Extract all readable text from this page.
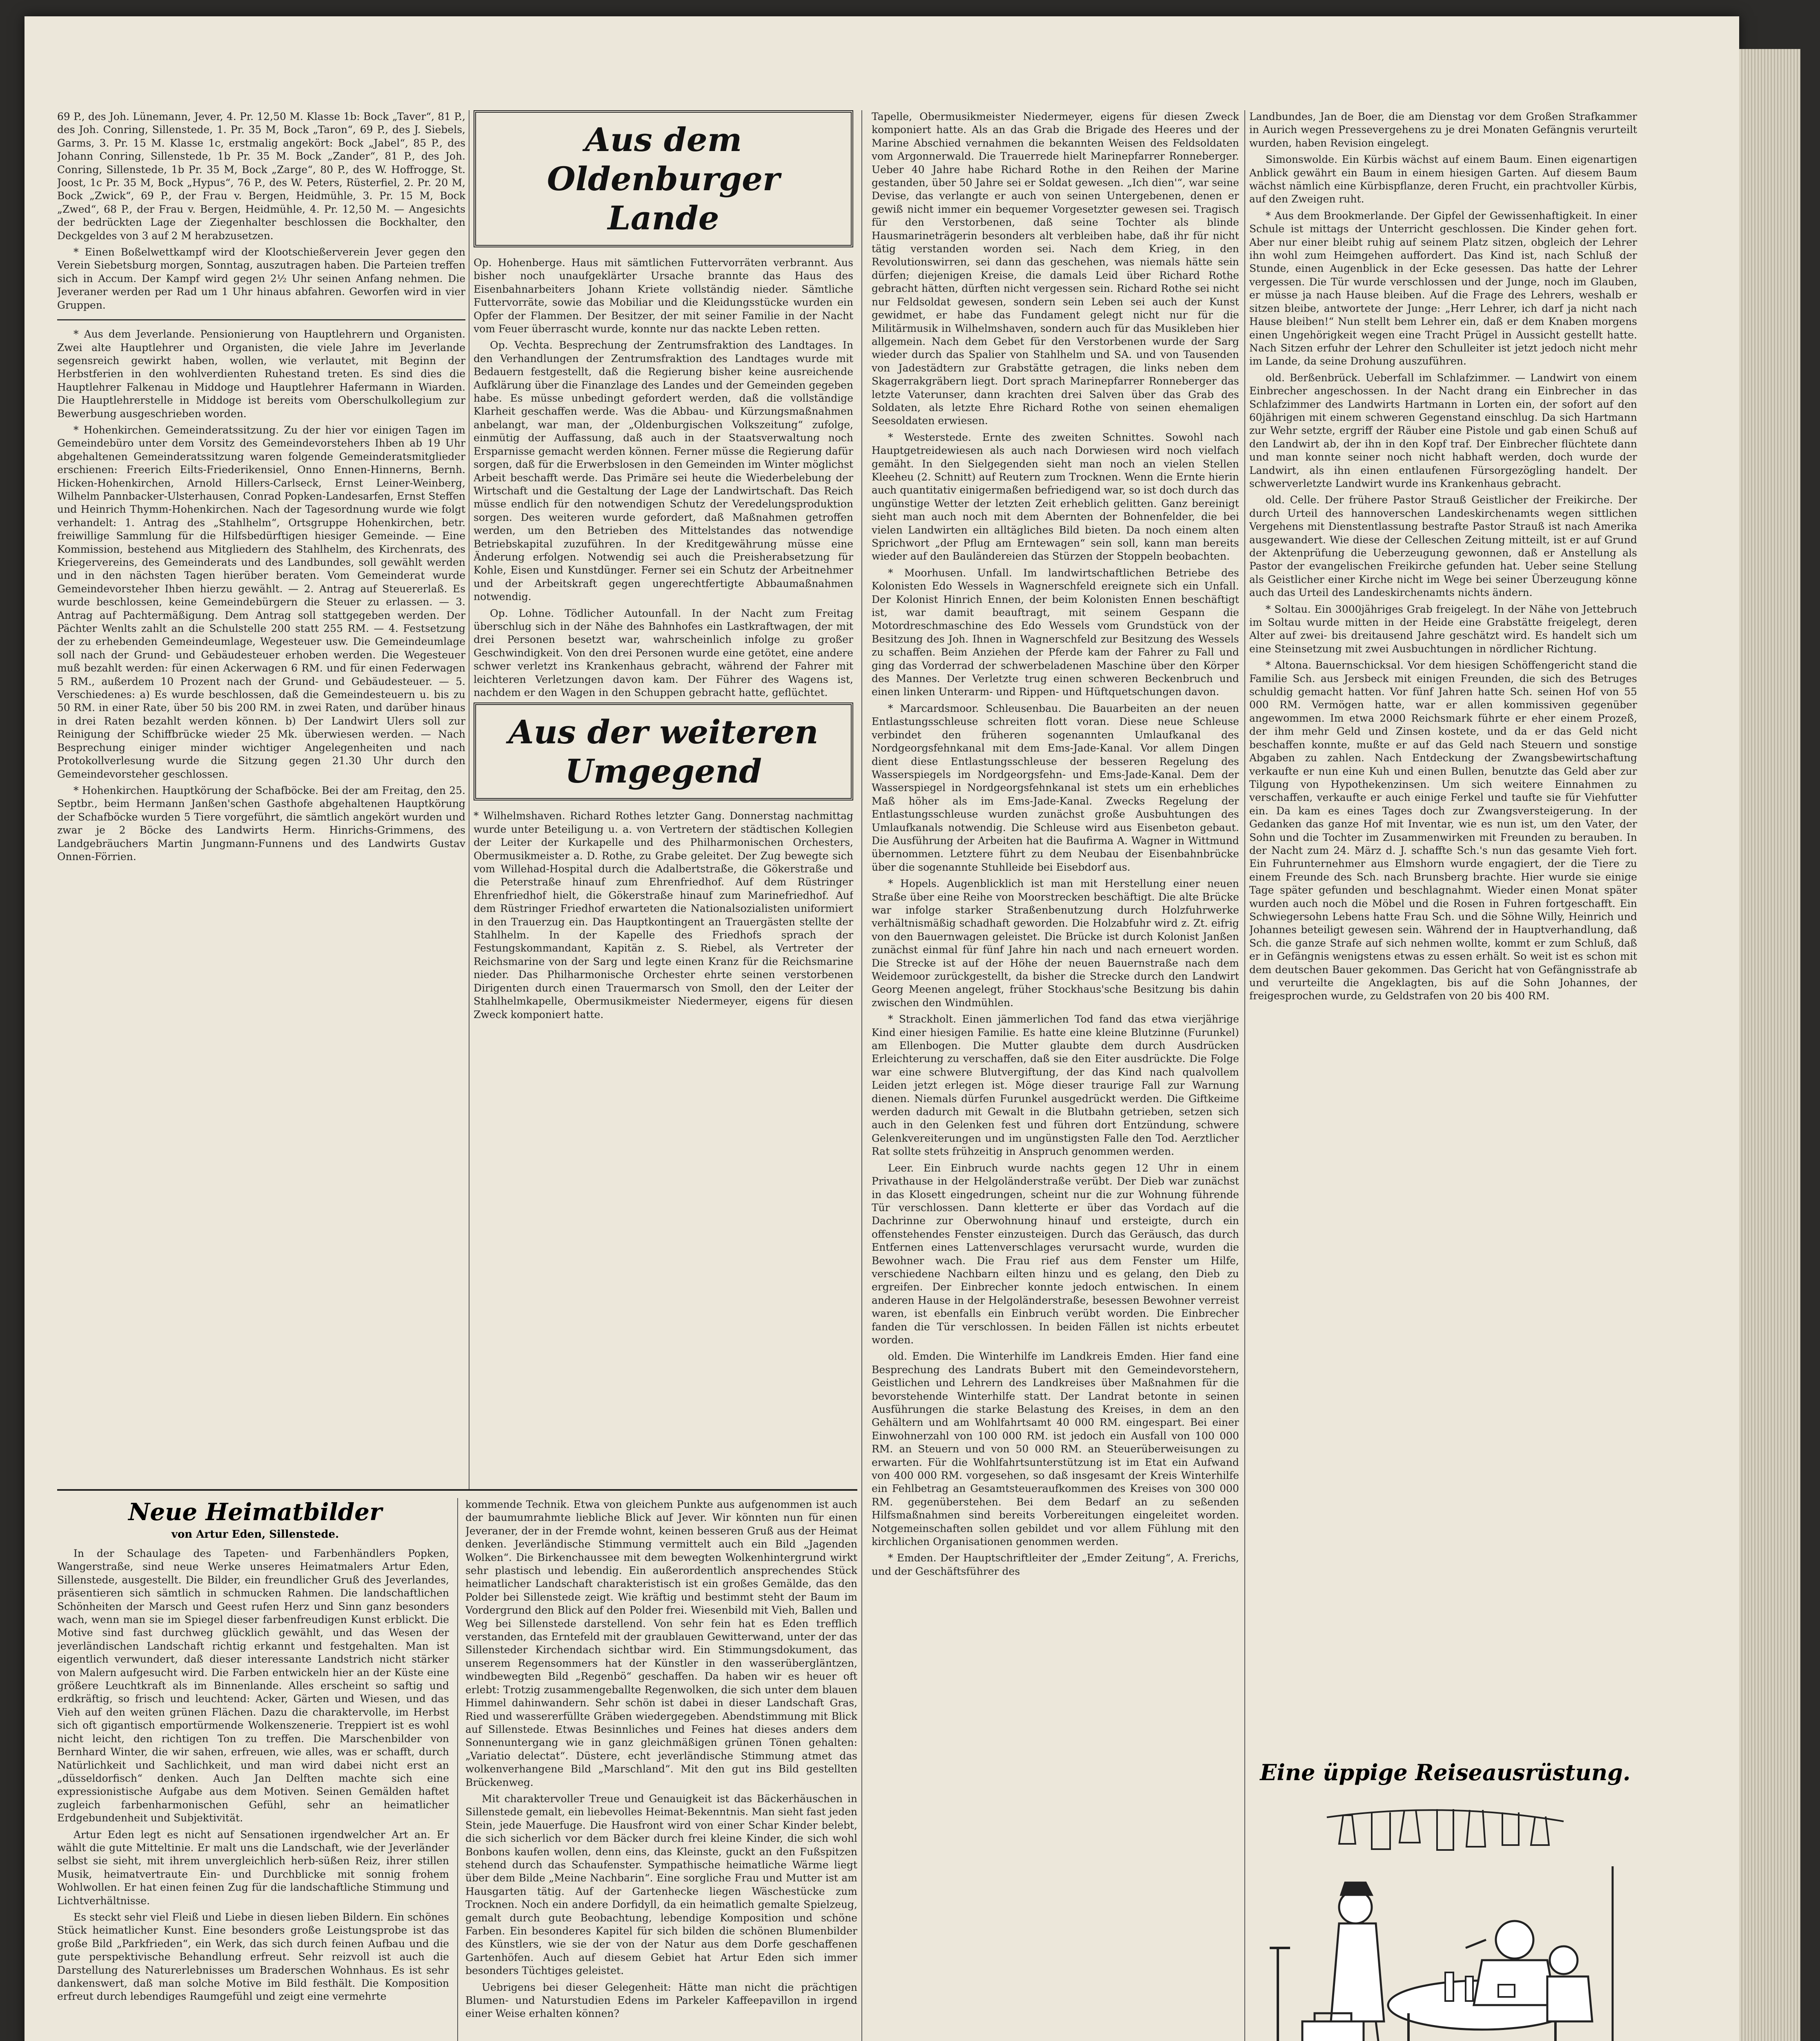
69 P., des Joh. Lünemann, Jever, 4. Pr. 12,50 M. Klasse 1b: Bock „Taver“, 81 P., des Joh. Conring, Sillenstede, 1. Pr. 35 M, Bock „Taron“, 69 P., des J. Siebels, Garms, 3. Pr. 15 M. Klasse 1c, erstmalig angekört: Bock „Jabel“, 85 P., des Johann Conring, Sillenstede, 1b Pr. 35 M. Bock „Zander“, 81 P., des Joh. Conring, Sillenstede, 1b Pr. 35 M, Bock „Zarge“, 80 P., des W. Hoffrogge, St. Joost, 1c Pr. 35 M, Bock „Hypus“, 76 P., des W. Peters, Rüsterfiel, 2. Pr. 20 M, Bock „Zwick“, 69 P., der Frau v. Bergen, Heidmühle, 3. Pr. 15 M, Bock „Zwed“, 68 P., der Frau v. Bergen, Heidmühle, 4. Pr. 12,50 M. — Angesichts der bedrückten Lage der Ziegenhalter beschlossen die Bockhalter, den Deckgeldes von 3 auf 2 M herabzusetzen.

* Einen Boßelwettkampf wird der Klootschießerverein Jever gegen den Verein Siebetsburg morgen, Sonntag, auszutragen haben. Die Parteien treffen sich in Accum. Der Kampf wird gegen 2½ Uhr seinen Anfang nehmen. Die Jeveraner werden per Rad um 1 Uhr hinaus abfahren. Geworfen wird in vier Gruppen.

* Aus dem Jeverlande. Pensionierung von Hauptlehrern und Organisten. Zwei alte Hauptlehrer und Organisten, die viele Jahre im Jeverlande segensreich gewirkt haben, wollen, wie verlautet, mit Beginn der Herbstferien in den wohlverdienten Ruhestand treten. Es sind dies die Hauptlehrer Falkenau in Middoge und Hauptlehrer Hafermann in Wiarden. Die Hauptlehrerstelle in Middoge ist bereits vom Oberschulkollegium zur Bewerbung ausgeschrieben worden.

* Hohenkirchen. Gemeinderatssitzung. Zu der hier vor einigen Tagen im Gemeindebüro unter dem Vorsitz des Gemeindevorstehers Ihben ab 19 Uhr abgehaltenen Gemeinderatssitzung waren folgende Gemeinderatsmitglieder erschienen: Freerich Eilts-Friederikensiel, Onno Ennen-Hinnerns, Bernh. Hicken-Hohenkirchen, Arnold Hillers-Carlseck, Ernst Leiner-Weinberg, Wilhelm Pannbacker-Ulsterhausen, Conrad Popken-Landesarfen, Ernst Steffen und Heinrich Thymm-Hohenkirchen. Nach der Tagesordnung wurde wie folgt verhandelt: 1. Antrag des „Stahlhelm“, Ortsgruppe Hohenkirchen, betr. freiwillige Sammlung für die Hilfsbedürftigen hiesiger Gemeinde. — Eine Kommission, bestehend aus Mitgliedern des Stahlhelm, des Kirchenrats, des Kriegervereins, des Gemeinderats und des Landbundes, soll gewählt werden und in den nächsten Tagen hierüber beraten. Vom Gemeinderat wurde Gemeindevorsteher Ihben hierzu gewählt. — 2. Antrag auf Steuererlaß. Es wurde beschlossen, keine Gemeindebürgern die Steuer zu erlassen. — 3. Antrag auf Pachtermäßigung. Dem Antrag soll stattgegeben werden. Der Pächter Wenlts zahlt an die Schulstelle 200 statt 255 RM. — 4. Festsetzung der zu erhebenden Gemeindeumlage, Wegesteuer usw. Die Gemeindeumlage soll nach der Grund- und Gebäudesteuer erhoben werden. Die Wegesteuer muß bezahlt werden: für einen Ackerwagen 6 RM. und für einen Federwagen 5 RM., außerdem 10 Prozent nach der Grund- und Gebäudesteuer. — 5. Verschiedenes: a) Es wurde beschlossen, daß die Gemeindesteuern u. bis zu 50 RM. in einer Rate, über 50 bis 200 RM. in zwei Raten, und darüber hinaus in drei Raten bezahlt werden können. b) Der Landwirt Ulers soll zur Reinigung der Schiffbrücke wieder 25 Mk. überwiesen werden. — Nach Besprechung einiger minder wichtiger Angelegenheiten und nach Protokollverlesung wurde die Sitzung gegen 21.30 Uhr durch den Gemeindevorsteher geschlossen.

* Hohenkirchen. Hauptkörung der Schafböcke. Bei der am Freitag, den 25. Septbr., beim Hermann Janßen'schen Gasthofe abgehaltenen Hauptkörung der Schafböcke wurden 5 Tiere vorgeführt, die sämtlich angekört wurden und zwar je 2 Böcke des Landwirts Herm. Hinrichs-Grimmens, des Landgebräuchers Martin Jungmann-Funnens und des Landwirts Gustav Onnen-Förrien.

Aus dem Oldenburger
Lande

Op. Hohenberge. Haus mit sämtlichen Futtervorräten verbrannt. Aus bisher noch unaufgeklärter Ursache brannte das Haus des Eisenbahnarbeiters Johann Kriete vollständig nieder. Sämtliche Futtervorräte, sowie das Mobiliar und die Kleidungsstücke wurden ein Opfer der Flammen. Der Besitzer, der mit seiner Familie in der Nacht vom Feuer überrascht wurde, konnte nur das nackte Leben retten.

Op. Vechta. Besprechung der Zentrumsfraktion des Landtages. In den Verhandlungen der Zentrumsfraktion des Landtages wurde mit Bedauern festgestellt, daß die Regierung bisher keine ausreichende Aufklärung über die Finanzlage des Landes und der Gemeinden gegeben habe. Es müsse unbedingt gefordert werden, daß die vollständige Klarheit geschaffen werde. Was die Abbau- und Kürzungsmaßnahmen anbelangt, war man, der „Oldenburgischen Volkszeitung“ zufolge, einmütig der Auffassung, daß auch in der Staatsverwaltung noch Ersparnisse gemacht werden können. Ferner müsse die Regierung dafür sorgen, daß für die Erwerbslosen in den Gemeinden im Winter möglichst Arbeit beschafft werde. Das Primäre sei heute die Wiederbelebung der Wirtschaft und die Gestaltung der Lage der Landwirtschaft. Das Reich müsse endlich für den notwendigen Schutz der Veredelungsproduktion sorgen. Des weiteren wurde gefordert, daß Maßnahmen getroffen werden, um den Betrieben des Mittelstandes das notwendige Betriebskapital zuzuführen. In der Kreditgewährung müsse eine Änderung erfolgen. Notwendig sei auch die Preisherabsetzung für Kohle, Eisen und Kunstdünger. Ferner sei ein Schutz der Arbeitnehmer und der Arbeitskraft gegen ungerechtfertigte Abbaumaßnahmen notwendig.

Op. Lohne. Tödlicher Autounfall. In der Nacht zum Freitag überschlug sich in der Nähe des Bahnhofes ein Lastkraftwagen, der mit drei Personen besetzt war, wahrscheinlich infolge zu großer Geschwindigkeit. Von den drei Personen wurde eine getötet, eine andere schwer verletzt ins Krankenhaus gebracht, während der Fahrer mit leichteren Verletzungen davon kam. Der Führer des Wagens ist, nachdem er den Wagen in den Schuppen gebracht hatte, geflüchtet.

Aus der weiteren
Umgegend

* Wilhelmshaven. Richard Rothes letzter Gang. Donnerstag nachmittag wurde unter Beteiligung u. a. von Vertretern der städtischen Kollegien der Leiter der Kurkapelle und des Philharmonischen Orchesters, Obermusikmeister a. D. Rothe, zu Grabe geleitet. Der Zug bewegte sich vom Willehad-Hospital durch die Adalbertstraße, die Gökerstraße und die Peterstraße hinauf zum Ehrenfriedhof. Auf dem Rüstringer Ehrenfriedhof hielt, die Gökerstraße hinauf zum Marinefriedhof. Auf dem Rüstringer Friedhof erwarteten die Nationalsozialisten uniformiert in den Trauerzug ein. Das Hauptkontingent an Trauergästen stellte der Stahlhelm. In der Kapelle des Friedhofs sprach der Festungskommandant, Kapitän z. S. Riebel, als Vertreter der Reichsmarine von der Sarg und legte einen Kranz für die Reichsmarine nieder. Das Philharmonische Orchester ehrte seinen verstorbenen Dirigenten durch einen Trauermarsch von Smoll, den der Leiter der Stahlhelmkapelle, Obermusikmeister Niedermeyer, eigens für diesen Zweck komponiert hatte.

Tapelle, Obermusikmeister Niedermeyer, eigens für diesen Zweck komponiert hatte. Als an das Grab die Brigade des Heeres und der Marine Abschied vernahmen die bekannten Weisen des Feldsoldaten vom Argonnerwald. Die Trauerrede hielt Marinepfarrer Ronneberger. Ueber 40 Jahre habe Richard Rothe in den Reihen der Marine gestanden, über 50 Jahre sei er Soldat gewesen. „Ich dien'“, war seine Devise, das verlangte er auch von seinen Untergebenen, denen er gewiß nicht immer ein bequemer Vorgesetzter gewesen sei. Tragisch für den Verstorbenen, daß seine Tochter als blinde Hausmarineträgerin besonders alt verbleiben habe, daß ihr für nicht tätig verstanden worden sei. Nach dem Krieg, in den Revolutionswirren, sei dann das geschehen, was niemals hätte sein dürfen; diejenigen Kreise, die damals Leid über Richard Rothe gebracht hätten, dürften nicht vergessen sein. Richard Rothe sei nicht nur Feldsoldat gewesen, sondern sein Leben sei auch der Kunst gewidmet, er habe das Fundament gelegt nicht nur für die Militärmusik in Wilhelmshaven, sondern auch für das Musikleben hier allgemein. Nach dem Gebet für den Verstorbenen wurde der Sarg wieder durch das Spalier von Stahlhelm und SA. und von Tausenden von Jadestädtern zur Grabstätte getragen, die links neben dem Skagerrakgräbern liegt. Dort sprach Marinepfarrer Ronneberger das letzte Vaterunser, dann krachten drei Salven über das Grab des Soldaten, als letzte Ehre Richard Rothe von seinen ehemaligen Seesoldaten erwiesen.

* Westerstede. Ernte des zweiten Schnittes. Sowohl nach Hauptgetreidewiesen als auch nach Dorwiesen wird noch vielfach gemäht. In den Sielgegenden sieht man noch an vielen Stellen Kleeheu (2. Schnitt) auf Reutern zum Trocknen. Wenn die Ernte hierin auch quantitativ einigermaßen befriedigend war, so ist doch durch das ungünstige Wetter der letzten Zeit erheblich gelitten. Ganz bereinigt sieht man auch noch mit dem Abernten der Bohnenfelder, die bei vielen Landwirten ein alltägliches Bild bieten. Da noch einem alten Sprichwort „der Pflug am Erntewagen“ sein soll, kann man bereits wieder auf den Bauländereien das Stürzen der Stoppeln beobachten.

* Moorhusen. Unfall. Im landwirtschaftlichen Betriebe des Kolonisten Edo Wessels in Wagnerschfeld ereignete sich ein Unfall. Der Kolonist Hinrich Ennen, der beim Kolonisten Ennen beschäftigt ist, war damit beauftragt, mit seinem Gespann die Motordreschmaschine des Edo Wessels vom Grundstück von der Besitzung des Joh. Ihnen in Wagnerschfeld zur Besitzung des Wessels zu schaffen. Beim Anziehen der Pferde kam der Fahrer zu Fall und ging das Vorderrad der schwerbeladenen Maschine über den Körper des Mannes. Der Verletzte trug einen schweren Beckenbruch und einen linken Unterarm- und Rippen- und Hüftquetschungen davon.

* Marcardsmoor. Schleusenbau. Die Bauarbeiten an der neuen Entlastungsschleuse schreiten flott voran. Diese neue Schleuse verbindet den früheren sogenannten Umlaufkanal des Nordgeorgsfehnkanal mit dem Ems-Jade-Kanal. Vor allem Dingen dient diese Entlastungsschleuse der besseren Regelung des Wasserspiegels im Nordgeorgsfehn- und Ems-Jade-Kanal. Dem der Wasserspiegel in Nordgeorgsfehnkanal ist stets um ein erhebliches Maß höher als im Ems-Jade-Kanal. Zwecks Regelung der Entlastungsschleuse wurden zunächst große Ausbuhtungen des Umlaufkanals notwendig. Die Schleuse wird aus Eisenbeton gebaut. Die Ausführung der Arbeiten hat die Baufirma A. Wagner in Wittmund übernommen. Letztere führt zu dem Neubau der Eisenbahnbrücke über die sogenannte Stuhlleide bei Eisebdorf aus.

* Hopels. Augenblicklich ist man mit Herstellung einer neuen Straße über eine Reihe von Moorstrecken beschäftigt. Die alte Brücke war infolge starker Straßenbenutzung durch Holzfuhrwerke verhältnismäßig schadhaft geworden. Die Holzabfuhr wird z. Zt. eifrig von den Bauernwagen geleistet. Die Brücke ist durch Kolonist Janßen zunächst einmal für fünf Jahre hin nach und nach erneuert worden. Die Strecke ist auf der Höhe der neuen Bauernstraße nach dem Weidemoor zurückgestellt, da bisher die Strecke durch den Landwirt Georg Meenen angelegt, früher Stockhaus'sche Besitzung bis dahin zwischen den Windmühlen.

* Strackholt. Einen jämmerlichen Tod fand das etwa vierjährige Kind einer hiesigen Familie. Es hatte eine kleine Blutzinne (Furunkel) am Ellenbogen. Die Mutter glaubte dem durch Ausdrücken Erleichterung zu verschaffen, daß sie den Eiter ausdrückte. Die Folge war eine schwere Blutvergiftung, der das Kind nach qualvollem Leiden jetzt erlegen ist. Möge dieser traurige Fall zur Warnung dienen. Niemals dürfen Furunkel ausgedrückt werden. Die Giftkeime werden dadurch mit Gewalt in die Blutbahn getrieben, setzen sich auch in den Gelenken fest und führen dort Entzündung, schwere Gelenkvereiterungen und im ungünstigsten Falle den Tod. Aerztlicher Rat sollte stets frühzeitig in Anspruch genommen werden.

Leer. Ein Einbruch wurde nachts gegen 12 Uhr in einem Privathause in der Helgoländerstraße verübt. Der Dieb war zunächst in das Klosett eingedrungen, scheint nur die zur Wohnung führende Tür verschlossen. Dann kletterte er über das Vordach auf die Dachrinne zur Oberwohnung hinauf und ersteigte, durch ein offenstehendes Fenster einzusteigen. Durch das Geräusch, das durch Entfernen eines Lattenverschlages verursacht wurde, wurden die Bewohner wach. Die Frau rief aus dem Fenster um Hilfe, verschiedene Nachbarn eilten hinzu und es gelang, den Dieb zu ergreifen. Der Einbrecher konnte jedoch entwischen. In einem anderen Hause in der Helgoländerstraße, besessen Bewohner verreist waren, ist ebenfalls ein Einbruch verübt worden. Die Einbrecher fanden die Tür verschlossen. In beiden Fällen ist nichts erbeutet worden.

old. Emden. Die Winterhilfe im Landkreis Emden. Hier fand eine Besprechung des Landrats Bubert mit den Gemeindevorstehern, Geistlichen und Lehrern des Landkreises über Maßnahmen für die bevorstehende Winterhilfe statt. Der Landrat betonte in seinen Ausführungen die starke Belastung des Kreises, in dem an den Gehältern und am Wohlfahrtsamt 40 000 RM. eingespart. Bei einer Einwohnerzahl von 100 000 RM. ist jedoch ein Ausfall von 100 000 RM. an Steuern und von 50 000 RM. an Steuerüberweisungen zu erwarten. Für die Wohlfahrtsunterstützung ist im Etat ein Aufwand von 400 000 RM. vorgesehen, so daß insgesamt der Kreis Winterhilfe ein Fehlbetrag an Gesamtsteueraufkommen des Kreises von 300 000 RM. gegenüberstehen. Bei dem Bedarf an zu seßenden Hilfsmaßnahmen sind bereits Vorbereitungen eingeleitet worden. Notgemeinschaften sollen gebildet und vor allem Fühlung mit den kirchlichen Organisationen genommen werden.

* Emden. Der Hauptschriftleiter der „Emder Zeitung“, A. Frerichs, und der Geschäftsführer des

Landbundes, Jan de Boer, die am Dienstag vor dem Großen Strafkammer in Aurich wegen Pressevergehens zu je drei Monaten Gefängnis verurteilt wurden, haben Revision eingelegt.

Simonswolde. Ein Kürbis wächst auf einem Baum. Einen eigenartigen Anblick gewährt ein Baum in einem hiesigen Garten. Auf diesem Baum wächst nämlich eine Kürbispflanze, deren Frucht, ein prachtvoller Kürbis, auf den Zweigen ruht.

* Aus dem Brookmerlande. Der Gipfel der Gewissenhaftigkeit. In einer Schule ist mittags der Unterricht geschlossen. Die Kinder gehen fort. Aber nur einer bleibt ruhig auf seinem Platz sitzen, obgleich der Lehrer ihn wohl zum Heimgehen auffordert. Das Kind ist, nach Schluß der Stunde, einen Augenblick in der Ecke gesessen. Das hatte der Lehrer vergessen. Die Tür wurde verschlossen und der Junge, noch im Glauben, er müsse ja nach Hause bleiben. Auf die Frage des Lehrers, weshalb er sitzen bleibe, antwortete der Junge: „Herr Lehrer, ich darf ja nicht nach Hause bleiben!“ Nun stellt bem Lehrer ein, daß er dem Knaben morgens einen Ungehörigkeit wegen eine Tracht Prügel in Aussicht gestellt hatte. Nach Sitzen erfuhr der Lehrer den Schulleiter ist jetzt jedoch nicht mehr im Lande, da seine Drohung auszuführen.

old. Berßenbrück. Ueberfall im Schlafzimmer. — Landwirt von einem Einbrecher angeschossen. In der Nacht drang ein Einbrecher in das Schlafzimmer des Landwirts Hartmann in Lorten ein, der sofort auf den 60jährigen mit einem schweren Gegenstand einschlug. Da sich Hartmann zur Wehr setzte, ergriff der Räuber eine Pistole und gab einen Schuß auf den Landwirt ab, der ihn in den Kopf traf. Der Einbrecher flüchtete dann und man konnte seiner noch nicht habhaft werden, doch wurde der Landwirt, als ihn einen entlaufenen Fürsorgezögling handelt. Der schwerverletzte Landwirt wurde ins Krankenhaus gebracht.

old. Celle. Der frühere Pastor Strauß Geistlicher der Freikirche. Der durch Urteil des hannoverschen Landeskirchenamts wegen sittlichen Vergehens mit Dienstentlassung bestrafte Pastor Strauß ist nach Amerika ausgewandert. Wie diese der Celleschen Zeitung mitteilt, ist er auf Grund der Aktenprüfung die Ueberzeugung gewonnen, daß er Anstellung als Pastor der evangelischen Freikirche gefunden hat. Ueber seine Stellung als Geistlicher einer Kirche nicht im Wege bei seiner Überzeugung könne auch das Urteil des Landeskirchenamts nichts ändern.

* Soltau. Ein 3000jähriges Grab freigelegt. In der Nähe von Jettebruch im Soltau wurde mitten in der Heide eine Grabstätte freigelegt, deren Alter auf zwei- bis dreitausend Jahre geschätzt wird. Es handelt sich um eine Steinsetzung mit zwei Ausbuchtungen in nördlicher Richtung.

* Altona. Bauernschicksal. Vor dem hiesigen Schöffengericht stand die Familie Sch. aus Jersbeck mit einigen Freunden, die sich des Betruges schuldig gemacht hatten. Vor fünf Jahren hatte Sch. seinen Hof von 55 000 RM. Vermögen hatte, war er allen kommissiven gegenüber angewommen. Im etwa 2000 Reichsmark führte er eher einem Prozeß, der ihm mehr Geld und Zinsen kostete, und da er das Geld nicht beschaffen konnte, mußte er auf das Geld nach Steuern und sonstige Abgaben zu zahlen. Nach Entdeckung der Zwangsbewirtschaftung verkaufte er nun eine Kuh und einen Bullen, benutzte das Geld aber zur Tilgung von Hypothekenzinsen. Um sich weitere Einnahmen zu verschaffen, verkaufte er auch einige Ferkel und taufte sie für Viehfutter ein. Da kam es eines Tages doch zur Zwangsversteigerung. In der Gedanken das ganze Hof mit Inventar, wie es nun ist, um den Vater, der Sohn und die Tochter im Zusammenwirken mit Freunden zu berauben. In der Nacht zum 24. März d. J. schaffte Sch.'s nun das gesamte Vieh fort. Ein Fuhrunternehmer aus Elmshorn wurde engagiert, der die Tiere zu einem Freunde des Sch. nach Brunsberg brachte. Hier wurde sie einige Tage später gefunden und beschlagnahmt. Wieder einen Monat später wurden auch noch die Möbel und die Rosen in Fuhren fortgeschafft. Ein Schwiegersohn Lebens hatte Frau Sch. und die Söhne Willy, Heinrich und Johannes beteiligt gewesen sein. Während der in Hauptverhandlung, daß Sch. die ganze Strafe auf sich nehmen wollte, kommt er zum Schluß, daß er in Gefängnis wenigstens etwas zu essen erhält. So weit ist es schon mit dem deutschen Bauer gekommen. Das Gericht hat von Gefängnisstrafe ab und verurteilte die Angeklagten, bis auf die Sohn Johannes, der freigesprochen wurde, zu Geldstrafen von 20 bis 400 RM.

Neue Heimatbilder
von Artur Eden, Sillenstede.

In der Schaulage des Tapeten- und Farbenhändlers Popken, Wangerstraße, sind neue Werke unseres Heimatmalers Artur Eden, Sillenstede, ausgestellt. Die Bilder, ein freundlicher Gruß des Jeverlandes, präsentieren sich sämtlich in schmucken Rahmen. Die landschaftlichen Schönheiten der Marsch und Geest rufen Herz und Sinn ganz besonders wach, wenn man sie im Spiegel dieser farbenfreudigen Kunst erblickt. Die Motive sind fast durchweg glücklich gewählt, und das Wesen der jeverländischen Landschaft richtig erkannt und festgehalten. Man ist eigentlich verwundert, daß dieser interessante Landstrich nicht stärker von Malern aufgesucht wird. Die Farben entwickeln hier an der Küste eine größere Leuchtkraft als im Binnenlande. Alles erscheint so saftig und erdkräftig, so frisch und leuchtend: Acker, Gärten und Wiesen, und das Vieh auf den weiten grünen Flächen. Dazu die charaktervolle, im Herbst sich oft gigantisch emportürmende Wolkenszenerie. Treppiert ist es wohl nicht leicht, den richtigen Ton zu treffen. Die Marschenbilder von Bernhard Winter, die wir sahen, erfreuen, wie alles, was er schafft, durch Natürlichkeit und Sachlichkeit, und man wird dabei nicht erst an „düsseldorfisch“ denken. Auch Jan Delften machte sich eine expressionistische Aufgabe aus dem Motiven. Seinen Gemälden haftet zugleich farbenharmonischen Gefühl, sehr an heimatlicher Erdgebundenheit und Subjektivität.

Artur Eden legt es nicht auf Sensationen irgendwelcher Art an. Er wählt die gute Mitteltinie. Er malt uns die Landschaft, wie der Jeverländer selbst sie sieht, mit ihrem unvergleichlich herb-süßen Reiz, ihrer stillen Musik, heimatvertraute Ein- und Durchblicke mit sonnig frohem Wohlwollen. Er hat einen feinen Zug für die landschaftliche Stimmung und Lichtverhältnisse.

Es steckt sehr viel Fleiß und Liebe in diesen lieben Bildern. Ein schönes Stück heimatlicher Kunst. Eine besonders große Leistungsprobe ist das große Bild „Parkfrieden“, ein Werk, das sich durch feinen Aufbau und die gute perspektivische Behandlung erfreut. Sehr reizvoll ist auch die Darstellung des Naturerlebnisses um Braderschen Wohnhaus. Es ist sehr dankenswert, daß man solche Motive im Bild festhält. Die Komposition erfreut durch lebendiges Raumgefühl und zeigt eine vermehrte

kommende Technik. Etwa von gleichem Punkte aus aufgenommen ist auch der baumumrahmte liebliche Blick auf Jever. Wir könnten nun für einen Jeveraner, der in der Fremde wohnt, keinen besseren Gruß aus der Heimat denken. Jeverländische Stimmung vermittelt auch ein Bild „Jagenden Wolken“. Die Birkenchaussee mit dem bewegten Wolkenhintergrund wirkt sehr plastisch und lebendig. Ein außerordentlich ansprechendes Stück heimatlicher Landschaft charakteristisch ist ein großes Gemälde, das den Polder bei Sillenstede zeigt. Wie kräftig und bestimmt steht der Baum im Vordergrund den Blick auf den Polder frei. Wiesenbild mit Vieh, Ballen und Weg bei Sillenstede darstellend. Von sehr fein hat es Eden trefflich verstanden, das Erntefeld mit der graublauen Gewitterwand, unter der das Sillensteder Kirchendach sichtbar wird. Ein Stimmungsdokument, das unserem Regensommers hat der Künstler in den wasserübergläntzen, windbewegten Bild „Regenbö“ geschaffen. Da haben wir es heuer oft erlebt: Trotzig zusammengeballte Regenwolken, die sich unter dem blauen Himmel dahinwandern. Sehr schön ist dabei in dieser Landschaft Gras, Ried und wassererfüllte Gräben wiedergegeben. Abendstimmung mit Blick auf Sillenstede. Etwas Besinnliches und Feines hat dieses anders dem Sonnenuntergang wie in ganz gleichmäßigen grünen Tönen gehalten: „Variatio delectat“. Düstere, echt jeverländische Stimmung atmet das wolkenverhangene Bild „Marschland“. Mit den gut ins Bild gestellten Brückenweg.

Mit charaktervoller Treue und Genauigkeit ist das Bäckerhäuschen in Sillenstede gemalt, ein liebevolles Heimat-Bekenntnis. Man sieht fast jeden Stein, jede Mauerfuge. Die Hausfront wird von einer Schar Kinder belebt, die sich sicherlich vor dem Bäcker durch frei kleine Kinder, die sich wohl Bonbons kaufen wollen, denn eins, das Kleinste, guckt an den Fußspitzen stehend durch das Schaufenster. Sympathische heimatliche Wärme liegt über dem Bilde „Meine Nachbarin“. Eine sorgliche Frau und Mutter ist am Hausgarten tätig. Auf der Gartenhecke liegen Wäschestücke zum Trocknen. Noch ein andere Dorfidyll, da ein heimatlich gemalte Spielzeug, gemalt durch gute Beobachtung, lebendige Komposition und schöne Farben. Ein besonderes Kapitel für sich bilden die schönen Blumenbilder des Künstlers, wie sie der von der Natur aus dem Dorfe geschaffenen Gartenhöfen. Auch auf diesem Gebiet hat Artur Eden sich immer besonders Tüchtiges geleistet.

Uebrigens bei dieser Gelegenheit: Hätte man nicht die prächtigen Blumen- und Naturstudien Edens im Parkeler Kaffeepavillon in irgend einer Weise erhalten können?

Eine üppige Reiseausrüstung.
